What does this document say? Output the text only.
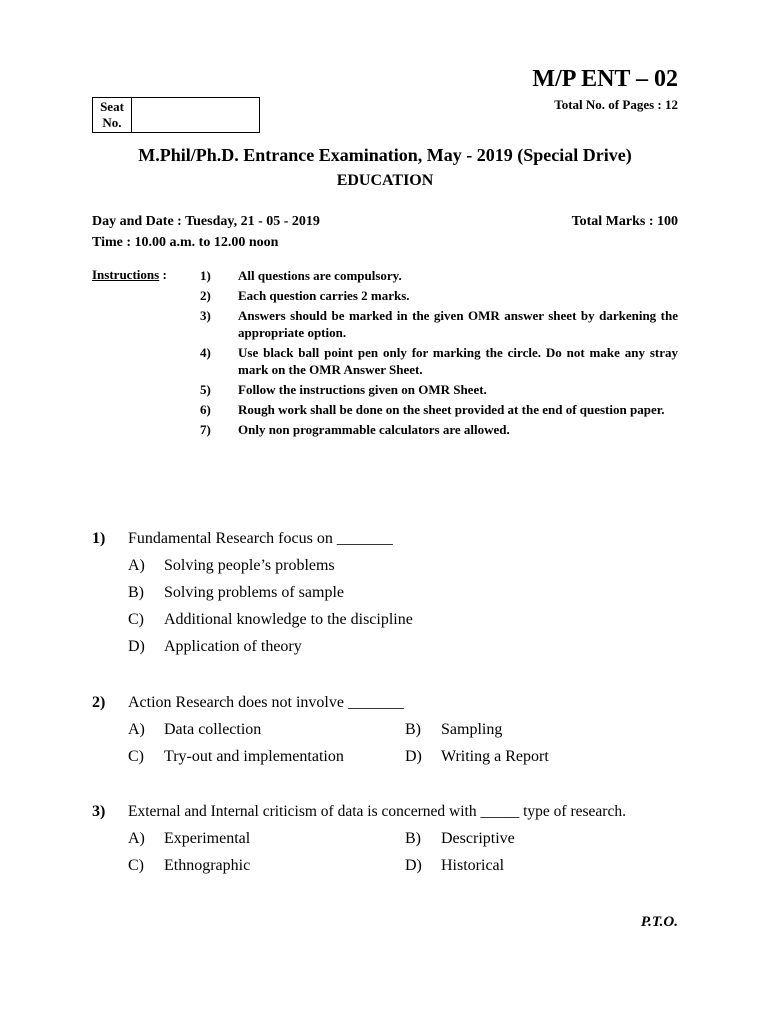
M/P ENT – 02
Total No. of Pages : 12
Seat No.
M.Phil/Ph.D. Entrance Examination, May - 2019 (Special Drive)
EDUCATION
Day and Date : Tuesday, 21 - 05 - 2019
Time : 10.00 a.m. to 12.00 noon
Total Marks : 100
Instructions :	1)	All questions are compulsory.
2)	Each question carries 2 marks.
3)	Answers should be marked in the given OMR answer sheet by darkening the appropriate option.
4)	Use black ball point pen only for marking the circle. Do not make any stray mark on the OMR Answer Sheet.
5)	Follow the instructions given on OMR Sheet.
6)	Rough work shall be done on the sheet provided at the end of question paper.
7)	Only non programmable calculators are allowed.
1)	Fundamental Research focus on _______
A)	Solving people’s problems
B)	Solving problems of sample
C)	Additional knowledge to the discipline
D)	Application of theory
2)	Action Research does not involve _______
A)	Data collection	B)	Sampling
C)	Try-out and implementation	D)	Writing a Report
3)	External and Internal criticism of data is concerned with _____ type of research.
A)	Experimental	B)	Descriptive
C)	Ethnographic	D)	Historical
P.T.O.
